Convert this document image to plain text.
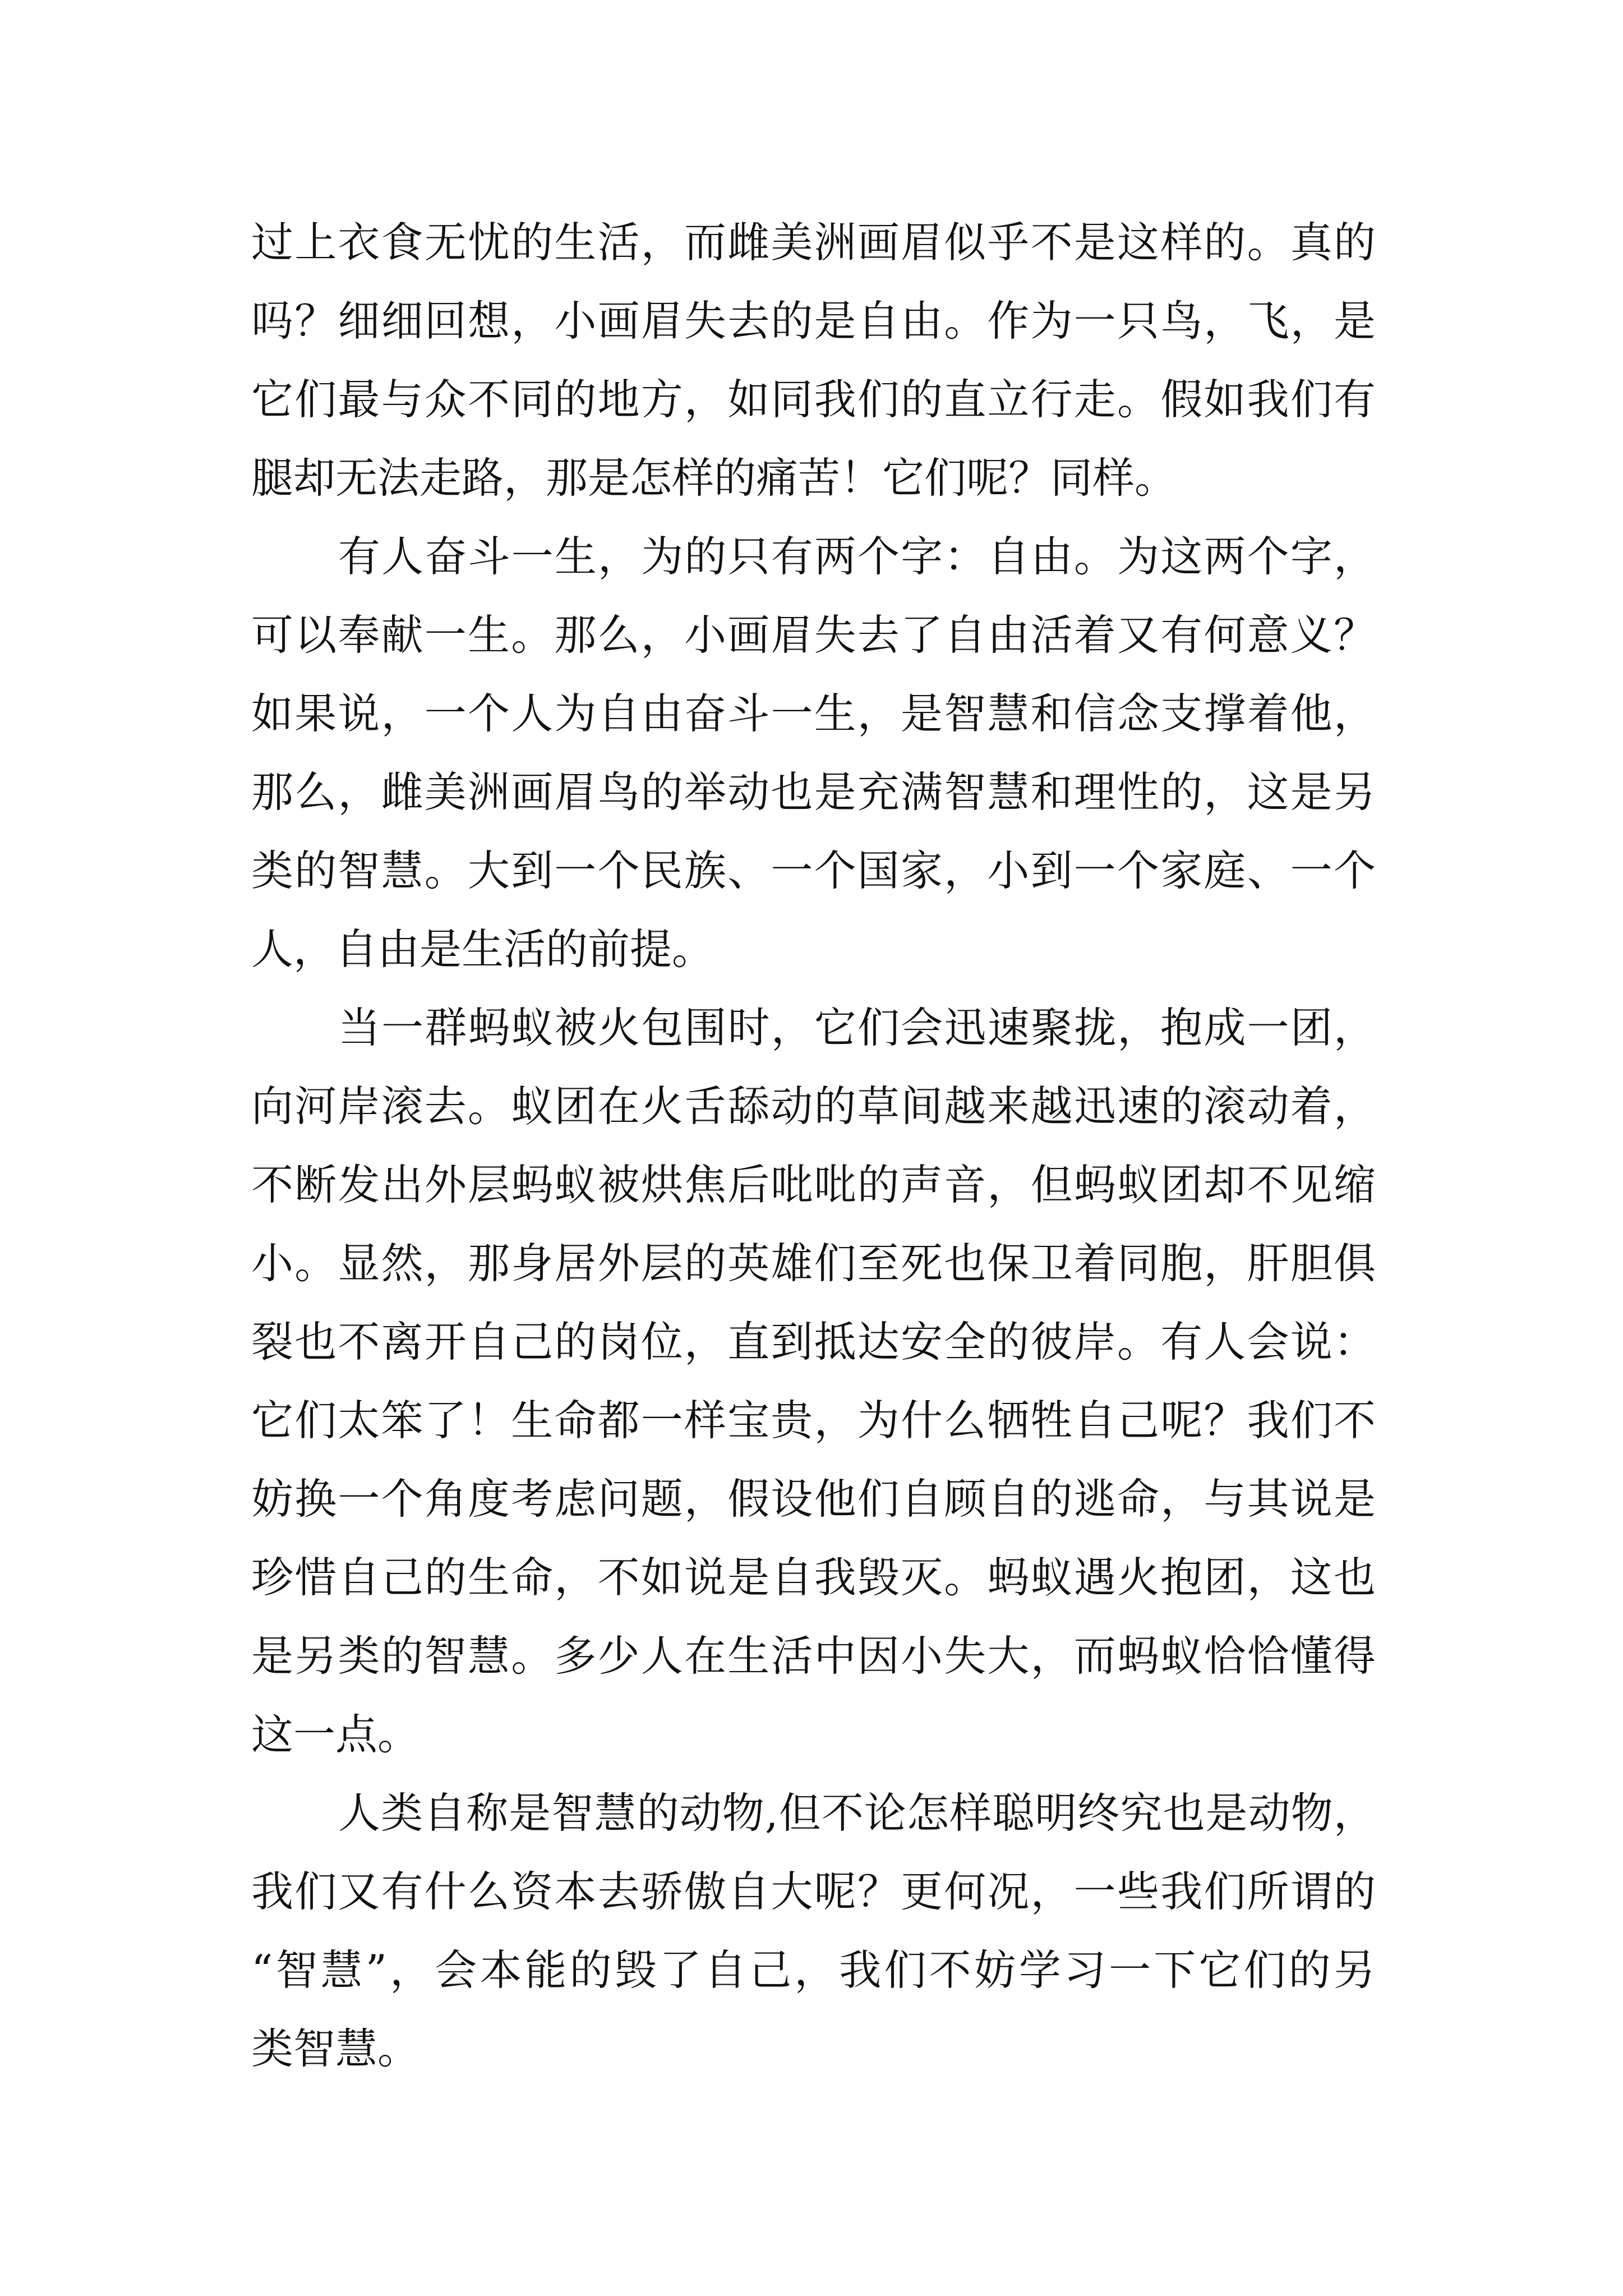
过上衣食无忧的生活，而雌美洲画眉似乎不是这样的。真的
吗？细细回想，小画眉失去的是自由。作为一只鸟，飞，是
它们最与众不同的地方，如同我们的直立行走。假如我们有
腿却无法走路，那是怎样的痛苦！它们呢？同样。
有人奋斗一生，为的只有两个字：自由。为这两个字，
可以奉献一生。那么，小画眉失去了自由活着又有何意义？
如果说，一个人为自由奋斗一生，是智慧和信念支撑着他，
那么，雌美洲画眉鸟的举动也是充满智慧和理性的，这是另
类的智慧。大到一个民族、一个国家，小到一个家庭、一个
人，自由是生活的前提。
当一群蚂蚁被火包围时，它们会迅速聚拢，抱成一团，
向河岸滚去。蚁团在火舌舔动的草间越来越迅速的滚动着，
不断发出外层蚂蚁被烘焦后吡吡的声音，但蚂蚁团却不见缩
小。显然，那身居外层的英雄们至死也保卫着同胞，肝胆俱
裂也不离开自己的岗位，直到抵达安全的彼岸。有人会说：
它们太笨了！生命都一样宝贵，为什么牺牲自己呢？我们不
妨换一个角度考虑问题，假设他们自顾自的逃命，与其说是
珍惜自己的生命，不如说是自我毁灭。蚂蚁遇火抱团，这也
是另类的智慧。多少人在生活中因小失大，而蚂蚁恰恰懂得
这一点。
人类自称是智慧的动物,但不论怎样聪明终究也是动物，
我们又有什么资本去骄傲自大呢？更何况，一些我们所谓的
“智慧”，会本能的毁了自己，我们不妨学习一下它们的另
类智慧。
